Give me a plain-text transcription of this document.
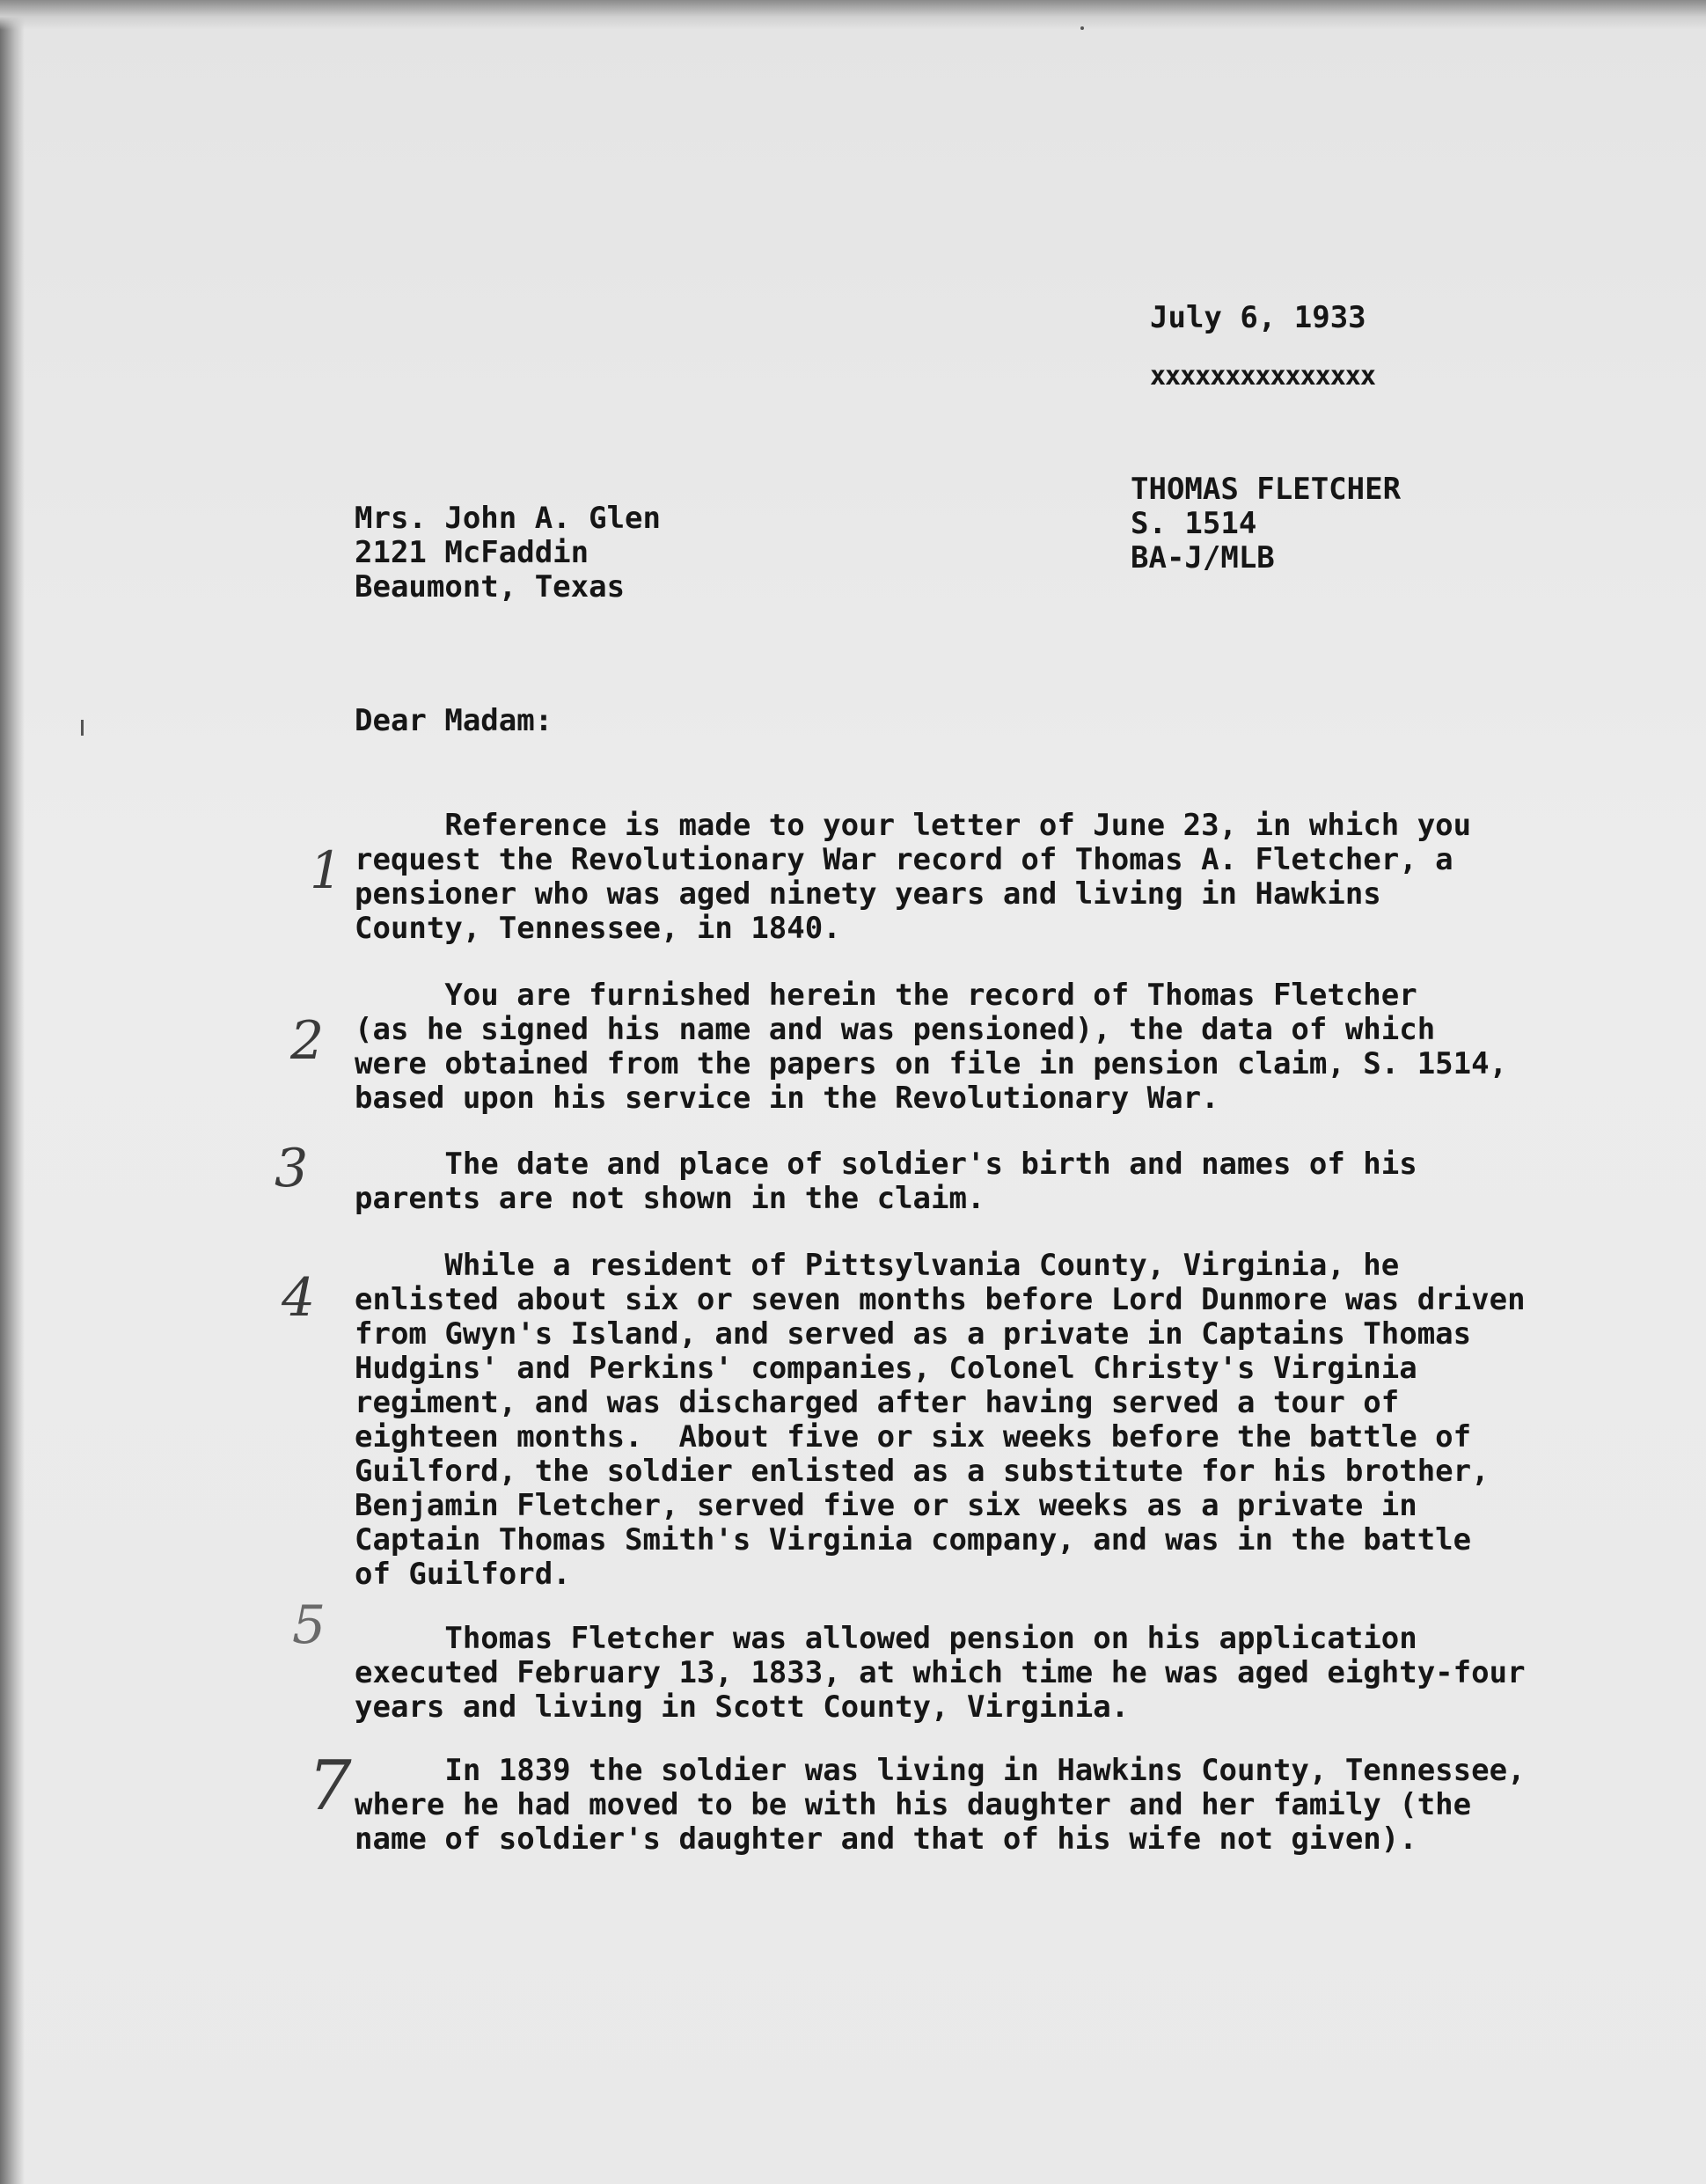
July 6, 1933
xxxxxxxxxxxxxxx
THOMAS FLETCHER
S. 1514
BA-J/MLB
Mrs. John A. Glen
2121 McFaddin
Beaumont, Texas
Dear Madam:
Reference is made to your letter of June 23, in which you
request the Revolutionary War record of Thomas A. Fletcher, a
pensioner who was aged ninety years and living in Hawkins
County, Tennessee, in 1840.
1
You are furnished herein the record of Thomas Fletcher
(as he signed his name and was pensioned), the data of which
were obtained from the papers on file in pension claim, S. 1514,
based upon his service in the Revolutionary War.
2
The date and place of soldier's birth and names of his
parents are not shown in the claim.
3
While a resident of Pittsylvania County, Virginia, he
enlisted about six or seven months before Lord Dunmore was driven
from Gwyn's Island, and served as a private in Captains Thomas
Hudgins' and Perkins' companies, Colonel Christy's Virginia
regiment, and was discharged after having served a tour of
eighteen months.  About five or six weeks before the battle of
Guilford, the soldier enlisted as a substitute for his brother,
Benjamin Fletcher, served five or six weeks as a private in
Captain Thomas Smith's Virginia company, and was in the battle
of Guilford.
4
Thomas Fletcher was allowed pension on his application
executed February 13, 1833, at which time he was aged eighty-four
years and living in Scott County, Virginia.
5
In 1839 the soldier was living in Hawkins County, Tennessee,
where he had moved to be with his daughter and her family (the
name of soldier's daughter and that of his wife not given).
7
